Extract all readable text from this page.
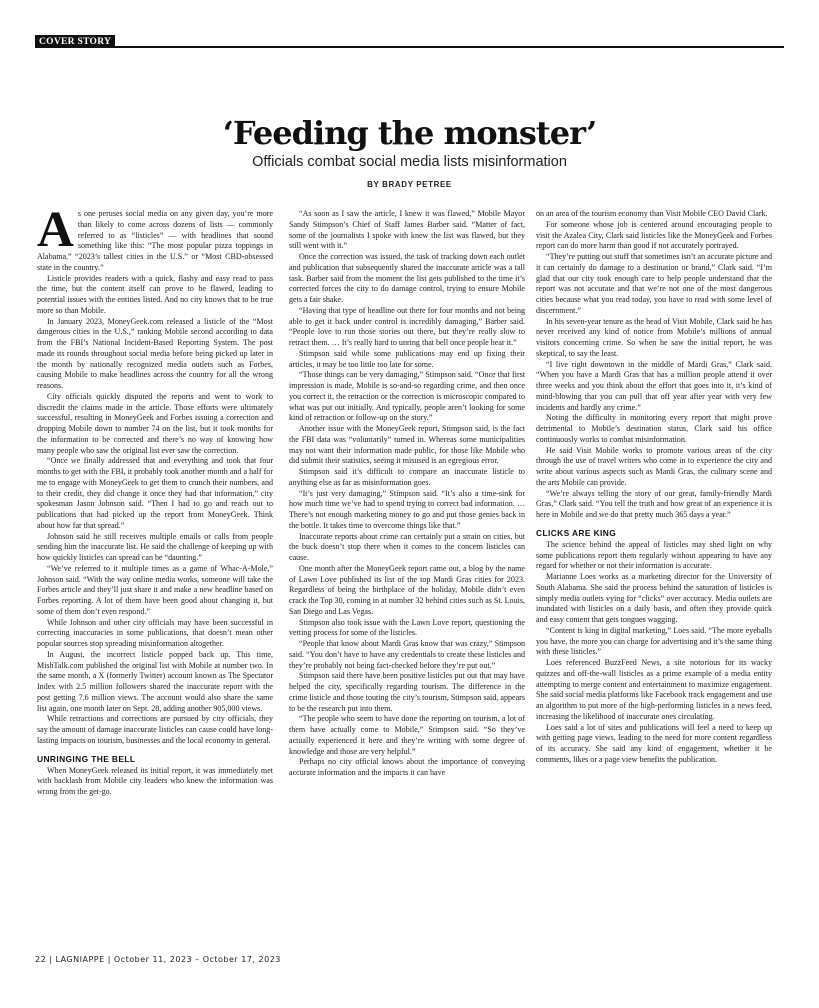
COVER STORY
‘Feeding the monster’
Officials combat social media lists misinformation
BY BRADY PETREE

As one peruses social media on any given day, you’re more than likely to come across dozens of lists — commonly referred to as “listicles” — with headlines that sound something like this: “The most popular pizza toppings in Alabama,” “2023’s tallest cities in the U.S.” or “Most CBD-obsessed state in the country.”

Listicle provides readers with a quick, flashy and easy read to pass the time, but the content itself can prove to be flawed, leading to potential issues with the entities listed. And no city knows that to be true more so than Mobile.

In January 2023, MoneyGeek.com released a listicle of the “Most dangerous cities in the U.S.,” ranking Mobile second according to data from the FBI’s National Incident-Based Reporting System. The post made its rounds throughout social media before being picked up later in the month by nationally recognized media outlets such as Forbes, causing Mobile to make headlines across the country for all the wrong reasons.

City officials quickly disputed the reports and went to work to discredit the claims made in the article. Those efforts were ultimately successful, resulting in MoneyGeek and Forbes issuing a correction and dropping Mobile down to number 74 on the list, but it took months for the information to be corrected and there’s no way of knowing how many people who saw the original list ever saw the correction.

“Once we finally addressed that and everything and took that four months to get with the FBI, it probably took another month and a half for me to engage with MoneyGeek to get them to crunch their numbers, and to their credit, they did change it once they had that information,” city spokesman Jason Johnson said. “Then I had to go and reach out to publications that had picked up the report from MoneyGeek. Think about how far that spread.”

Johnson said he still receives multiple emails or calls from people sending him the inaccurate list. He said the challenge of keeping up with how quickly listicles can spread can be “daunting.”

“We’ve referred to it multiple times as a game of Whac-A-Mole,” Johnson said. “With the way online media works, someone will take the Forbes article and they’ll just share it and make a new headline based on Forbes reporting. A lot of them have been good about changing it, but some of them don’t even respond.”

While Johnson and other city officials may have been successful in correcting inaccuracies in some publications, that doesn’t mean other popular sources stop spreading misinformation altogether.

In August, the incorrect listicle popped back up. This time, MishTalk.com published the original list with Mobile at number two. In the same month, a X (formerly Twitter) account known as The Spectator Index with 2.5 million followers shared the inaccurate report with the post getting 7.6 million views. The account would also share the same list again, one month later on Sept. 28, adding another 905,000 views.

While retractions and corrections are pursued by city officials, they say the amount of damage inaccurate listicles can cause could have long-lasting impacts on tourism, businesses and the local economy in general.

UNRINGING THE BELL

When MoneyGeek released its initial report, it was immediately met with backlash from Mobile city leaders who knew the information was wrong from the get-go.

“As soon as I saw the article, I knew it was flawed,” Mobile Mayor Sandy Stimpson’s Chief of Staff James Barber said. “Matter of fact, some of the journalists I spoke with knew the list was flawed, but they still went with it.”

Once the correction was issued, the task of tracking down each outlet and publication that subsequently shared the inaccurate article was a tall task. Barber said from the moment the list gets published to the time it’s corrected forces the city to do damage control, trying to ensure Mobile gets a fair shake.

“Having that type of headline out there for four months and not being able to get it back under control is incredibly damaging,” Barber said. “People love to run those stories out there, but they’re really slow to retract them. … It’s really hard to unring that bell once people hear it.”

Stimpson said while some publications may end up fixing their articles, it may be too little too late for some.

“Those things can be very damaging,” Stimpson said. “Once that first impression is made, Mobile is so-and-so regarding crime, and then once you correct it, the retraction or the correction is microscopic compared to what was put out initially. And typically, people aren’t looking for some kind of retraction or follow-up on the story.”

Another issue with the MoneyGeek report, Stimpson said, is the fact the FBI data was “voluntarily” turned in. Whereas some municipalities may not want their information made public, for those like Mobile who did submit their statistics, seeing it misused is an egregious error.

Stimpson said it’s difficult to compare an inaccurate listicle to anything else as far as misinformation goes.

“It’s just very damaging,” Stimpson said. “It’s also a time-sink for how much time we’ve had to spend trying to correct bad information. … There’s not enough marketing money to go and put those genies back in the bottle. It takes time to overcome things like that.”

Inaccurate reports about crime can certainly put a strain on cities, but the buck doesn’t stop there when it comes to the concern listicles can cause.

One month after the MoneyGeek report came out, a blog by the name of Lawn Love published its list of the top Mardi Gras cities for 2023. Regardless of being the birthplace of the holiday, Mobile didn’t even crack the Top 30, coming in at number 32 behind cities such as St. Louis, San Diego and Las Vegas.

Stimpson also took issue with the Lawn Love report, questioning the vetting process for some of the listicles.

“People that know about Mardi Gras know that was crazy,” Stimpson said. “You don’t have to have any credentials to create these listicles and they’re probably not being fact-checked before they’re put out.”

Stimpson said there have been positive listicles put out that may have helped the city, specifically regarding tourism. The difference in the crime listicle and those touting the city’s tourism, Stimpson said, appears to be the research put into them.

“The people who seem to have done the reporting on tourism, a lot of them have actually come to Mobile,” Stimpson said. “So they’ve actually experienced it here and they’re writing with some degree of knowledge and those are very helpful.”

Perhaps no city official knows about the importance of conveying accurate information and the impacts it can have

on an area of the tourism economy than Visit Mobile CEO David Clark.

For someone whose job is centered around encouraging people to visit the Azalea City, Clark said listicles like the MoneyGeek and Forbes report can do more harm than good if not accurately portrayed.

“They’re putting out stuff that sometimes isn’t an accurate picture and it can certainly do damage to a destination or brand,” Clark said. “I’m glad that our city took enough care to help people understand that the report was not accurate and that we’re not one of the most dangerous cities because what you read today, you have to read with some level of discernment.”

In his seven-year tenure as the head of Visit Mobile, Clark said he has never received any kind of notice from Mobile’s millions of annual visitors concerning crime. So when he saw the initial report, he was skeptical, to say the least.

“I live right downtown in the middle of Mardi Gras,” Clark said. “When you have a Mardi Gras that has a million people attend it over three weeks and you think about the effort that goes into it, it’s kind of mind-blowing that you can pull that off year after year with very few incidents and hardly any crime.”

Noting the difficulty in monitoring every report that might prove detrimental to Mobile’s destination status, Clark said his office continuously works to combat misinformation.

He said Visit Mobile works to promote various areas of the city through the use of travel writers who come in to experience the city and write about various aspects such as Mardi Gras, the culinary scene and the arts Mobile can provide.

“We’re always telling the story of our great, family-friendly Mardi Gras,” Clark said. “You tell the truth and how great of an experience it is here in Mobile and we do that pretty much 365 days a year.”

CLICKS ARE KING

The science behind the appeal of listicles may shed light on why some publications report them regularly without appearing to have any regard for whether or not their information is accurate.

Marianne Loes works as a marketing director for the University of South Alabama. She said the process behind the saturation of listicles is simply media outlets vying for “clicks” over accuracy. Media outlets are inundated with listicles on a daily basis, and often they provide quick and easy content that gets tongues wagging.

“Content is king in digital marketing,” Loes said. “The more eyeballs you have, the more you can charge for advertising and it’s the same thing with these listicles.”

Loes referenced BuzzFeed News, a site notorious for its wacky quizzes and off-the-wall listicles as a prime example of a media entity attempting to merge content and entertainment to maximize engagement. She said social media platforms like Facebook track engagement and use an algorithm to put more of the high-performing listicles in a news feed, increasing the likelihood of inaccurate ones circulating.

Loes said a lot of sites and publications will feel a need to keep up with getting page views, leading to the need for more content regardless of its accuracy. She said any kind of engagement, whether it be comments, likes or a page view benefits the publication.

22 | LAGNIAPPE | October 11, 2023 – October 17, 2023
